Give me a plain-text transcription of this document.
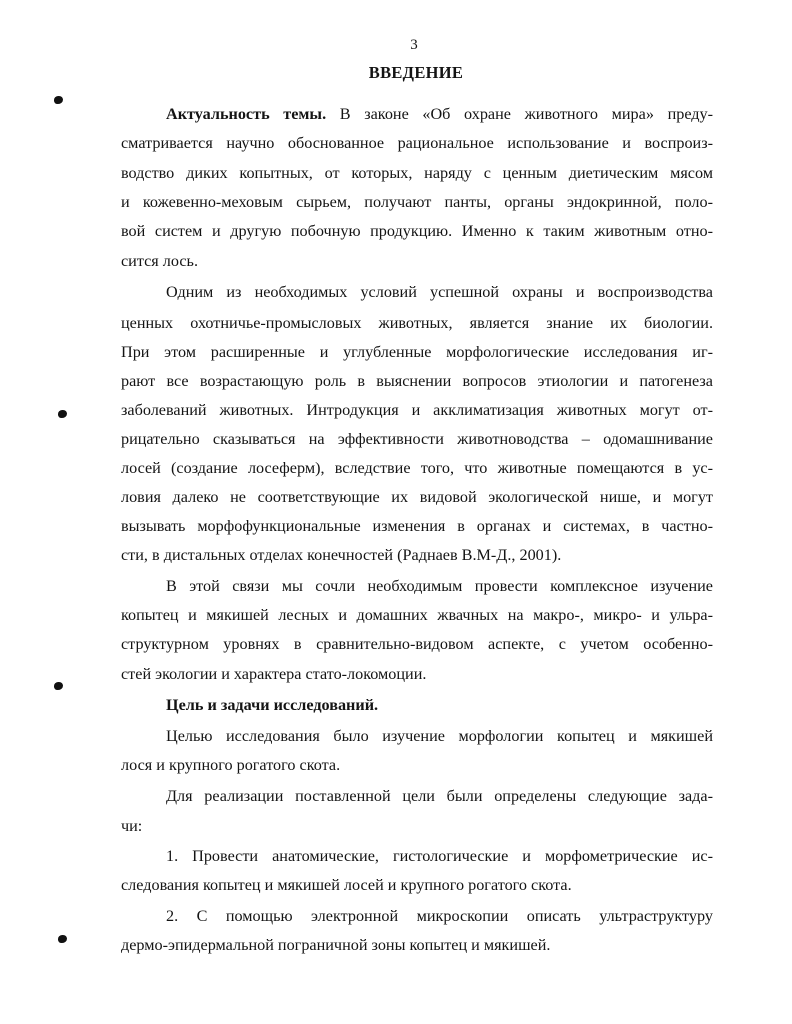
3
ВВЕДЕНИЕ
Актуальность темы. В законе «Об охране животного мира» преду-
сматривается научно обоснованное рациональное использование и воспроиз-
водство диких копытных, от которых, наряду с ценным диетическим мясом
и кожевенно-меховым сырьем, получают панты, органы эндокринной, поло-
вой систем и другую побочную продукцию. Именно к таким животным отно-
сится лось.
Одним из необходимых условий успешной охраны и воспроизводства
ценных охотничье-промысловых животных, является знание их биологии.
При этом расширенные и углубленные морфологические исследования иг-
рают все возрастающую роль в выяснении вопросов этиологии и патогенеза
заболеваний животных. Интродукция и акклиматизация животных могут от-
рицательно сказываться на эффективности животноводства – одомашнивание
лосей (создание лосеферм), вследствие того, что животные помещаются в ус-
ловия далеко не соответствующие их видовой экологической нише, и могут
вызывать морфофункциональные изменения в органах и системах, в частно-
сти, в дистальных отделах конечностей (Раднаев В.М-Д., 2001).
В этой связи мы сочли необходимым провести комплексное изучение
копытец и мякишей лесных и домашних жвачных на макро-, микро- и ульра-
структурном уровнях в сравнительно-видовом аспекте, с учетом особенно-
стей экологии и характера стато-локомоции.
Цель и задачи исследований.
Целью исследования было изучение морфологии копытец и мякишей
лося и крупного рогатого скота.
Для реализации поставленной цели были определены следующие зада-
чи:
1. Провести анатомические, гистологические и морфометрические ис-
следования копытец и мякишей лосей и крупного рогатого скота.
2. С помощью электронной микроскопии описать ультраструктуру
дермо-эпидермальной пограничной зоны копытец и мякишей.
